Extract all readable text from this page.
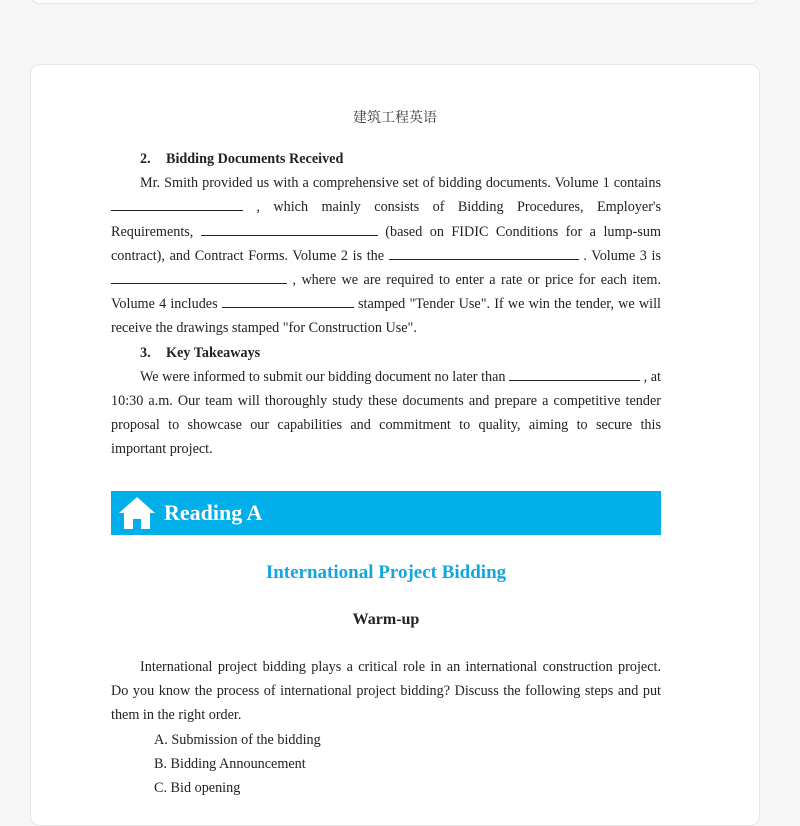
建筑工程英语

2. Bidding Documents Received

Mr. Smith provided us with a comprehensive set of bidding documents. Volume 1 contains  , which mainly consists of Bidding Procedures, Employer's Requirements,	(based on FIDIC Conditions for a lump-sum contract), and Contract Forms. Volume 2 is the	. Volume 3 is  , where we are required to enter a rate or price for each item. Volume 4 includes	stamped "Tender Use". If we win the tender, we will receive the drawings stamped "for Construction Use".

3. Key Takeaways

We were informed to submit our bidding document no later than	, at 10:30 a.m. Our team will thoroughly study these documents and prepare a competitive tender proposal to showcase our capabilities and commitment to quality, aiming to secure this important project.

Reading A
International Project Bidding
Warm-up

International project bidding plays a critical role in an international construction project. Do you know the process of international project bidding? Discuss the following steps and put them in the right order.

A. Submission of the bidding

B. Bidding Announcement

C. Bid opening
